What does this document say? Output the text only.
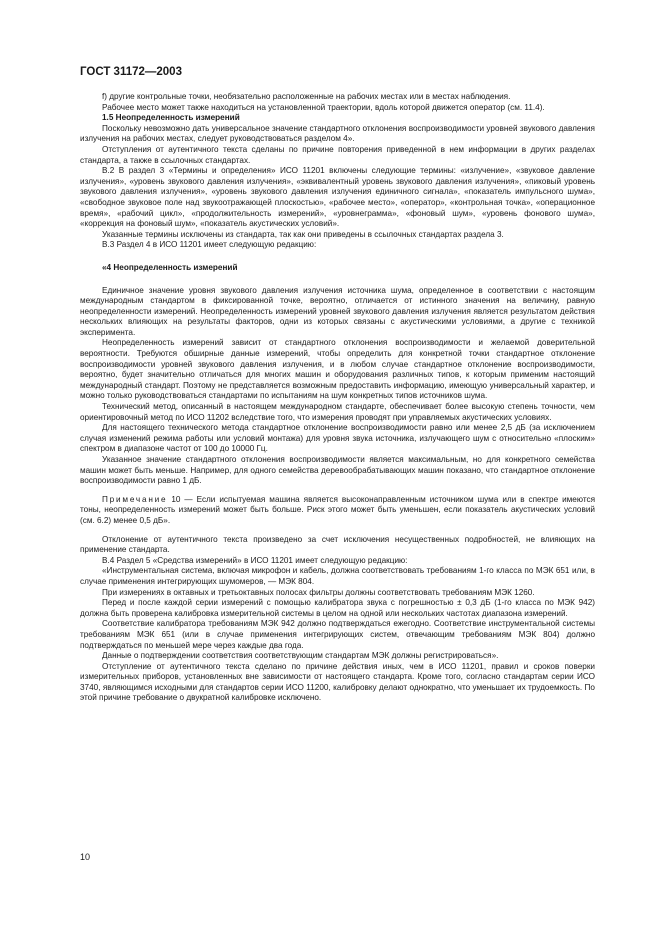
ГОСТ 31172—2003

f) другие контрольные точки, необязательно расположенные на рабочих местах или в местах наблюдения.

Рабочее место может также находиться на установленной траектории, вдоль которой движется оператор (см. 11.4).

1.5 Неопределенность измерений

Поскольку невозможно дать универсальное значение стандартного отклонения воспроизводимости уровней звукового давления излучения на рабочих местах, следует руководствоваться разделом 4».

Отступления от аутентичного текста сделаны по причине повторения приведенной в нем информации в других разделах стандарта, а также в ссылочных стандартах.

В.2 В раздел 3 «Термины и определения» ИСО 11201 включены следующие термины: «излучение», «звуковое давление излучения», «уровень звукового давления излучения», «эквивалентный уровень звукового давления излучения», «пиковый уровень звукового давления излучения», «уровень звукового давления излучения единичного сигнала», «показатель импульсного шума», «свободное звуковое поле над звукоотражающей плоскостью», «рабочее место», «оператор», «контрольная точка», «операционное время», «рабочий цикл», «продолжительность измерений», «уровнеграмма», «фоновый шум», «уровень фонового шума», «коррекция на фоновый шум», «показатель акустических условий».

Указанные термины исключены из стандарта, так как они приведены в ссылочных стандартах раздела 3.

В.3 Раздел 4 в ИСО 11201 имеет следующую редакцию:

«4 Неопределенность измерений

Единичное значение уровня звукового давления излучения источника шума, определенное в соответствии с настоящим международным стандартом в фиксированной точке, вероятно, отличается от истинного значения на величину, равную неопределенности измерений. Неопределенность измерений уровней звукового давления излучения является результатом действия нескольких влияющих на результаты факторов, одни из которых связаны с акустическими условиями, а другие с техникой эксперимента.

Неопределенность измерений зависит от стандартного отклонения воспроизводимости и желаемой доверительной вероятности. Требуются обширные данные измерений, чтобы определить для конкретной точки стандартное отклонение воспроизводимости уровней звукового давления излучения, и в любом случае стандартное отклонение воспроизводимости, вероятно, будет значительно отличаться для многих машин и оборудования различных типов, к которым применим настоящий международный стандарт. Поэтому не представляется возможным предоставить информацию, имеющую универсальный характер, и можно только руководствоваться стандартами по испытаниям на шум конкретных типов источников шума.

Технический метод, описанный в настоящем международном стандарте, обеспечивает более высокую степень точности, чем ориентировочный метод по ИСО 11202 вследствие того, что измерения проводят при управляемых акустических условиях.

Для настоящего технического метода стандартное отклонение воспроизводимости равно или менее 2,5 дБ (за исключением случая изменений режима работы или условий монтажа) для уровня звука источника, излучающего шум с относительно «плоским» спектром в диапазоне частот от 100 до 10000 Гц.

Указанное значение стандартного отклонения воспроизводимости является максимальным, но для конкретного семейства машин может быть меньше. Например, для одного семейства деревообрабатывающих машин показано, что стандартное отклонение воспроизводимости равно 1 дБ.

Примечание 10 — Если испытуемая машина является высоконаправленным источником шума или в спектре имеются тоны, неопределенность измерений может быть больше. Риск этого может быть уменьшен, если показатель акустических условий (см. 6.2) менее 0,5 дБ».

Отклонение от аутентичного текста произведено за счет исключения несущественных подробностей, не влияющих на применение стандарта.

В.4 Раздел 5 «Средства измерений» в ИСО 11201 имеет следующую редакцию:

«Инструментальная система, включая микрофон и кабель, должна соответствовать требованиям 1-го класса по МЭК 651 или, в случае применения интегрирующих шумомеров, — МЭК 804.

При измерениях в октавных и третьоктавных полосах фильтры должны соответствовать требованиям МЭК 1260.

Перед и после каждой серии измерений с помощью калибратора звука с погрешностью ± 0,3 дБ (1-го класса по МЭК 942) должна быть проверена калибровка измерительной системы в целом на одной или нескольких частотах диапазона измерений.

Соответствие калибратора требованиям МЭК 942 должно подтверждаться ежегодно. Соответствие инструментальной системы требованиям МЭК 651 (или в случае применения интегрирующих систем, отвечающим требованиям МЭК 804) должно подтверждаться по меньшей мере через каждые два года.

Данные о подтверждении соответствия соответствующим стандартам МЭК должны регистрироваться».

Отступление от аутентичного текста сделано по причине действия иных, чем в ИСО 11201, правил и сроков поверки измерительных приборов, установленных вне зависимости от настоящего стандарта. Кроме того, согласно стандартам серии ИСО 3740, являющимся исходными для стандартов серии ИСО 11200, калибровку делают однократно, что уменьшает их трудоемкость. По этой причине требование о двукратной калибровке исключено.

10
